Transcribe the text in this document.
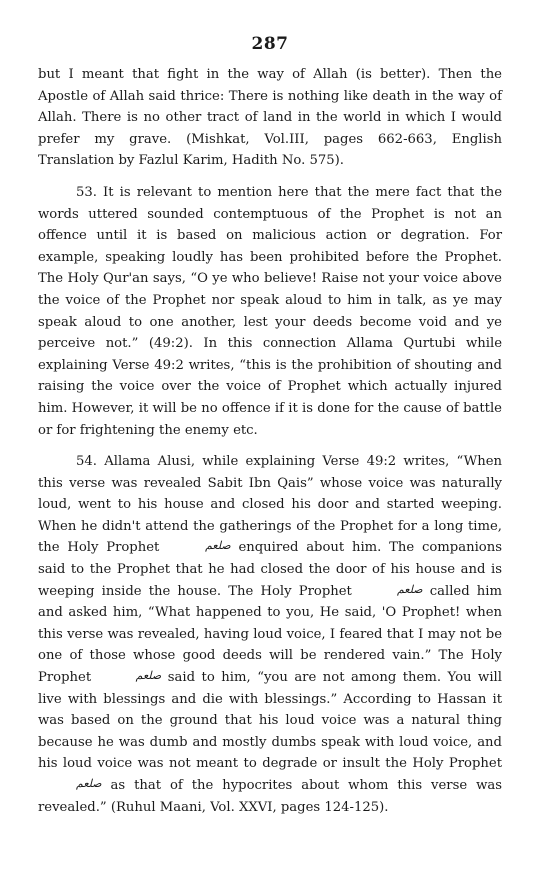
287

but I meant that fight in the way of Allah (is better). Then the Apostle of Allah said thrice: There is nothing like death in the way of Allah. There is no other tract of land in the world in which I would prefer my grave. (Mishkat, Vol.III, pages 662-663, English Translation by Fazlul Karim, Hadith No. 575).

53. It is relevant to mention here that the mere fact that the words uttered sounded contemptuous of the Prophet is not an offence until it is based on malicious action or degration. For example, speaking loudly has been prohibited before the Prophet. The Holy Qur'an says, “O ye who believe! Raise not your voice above the voice of the Prophet nor speak aloud to him in talk, as ye may speak aloud to one another, lest your deeds become void and ye perceive not.” (49:2). In this connection Allama Qurtubi while explaining Verse 49:2 writes, “this is the prohibition of shouting and raising the voice over the voice of Prophet which actually injured him. However, it will be no offence if it is done for the cause of battle or for frightening the enemy etc.

54. Allama Alusi, while explaining Verse 49:2 writes, “When this verse was revealed Sabit Ibn Qais” whose voice was naturally loud, went to his house and closed his door and started weeping. When he didn't attend the gatherings of the Prophet for a long time, the Holy Prophet	صلعم enquired about him. The companions said to the Prophet that he had closed the door of his house and is weeping inside the house. The Holy Prophet	صلعم called him and asked him, “What happened to you, He said, 'O Prophet! when this verse was revealed, having loud voice, I feared that I may not be one of those whose good deeds will be rendered vain.” The Holy Prophet	صلعم said to him, “you are not among them. You will live with blessings and die with blessings.” According to Hassan it was based on the ground that his loud voice was a natural thing because he was dumb and mostly dumbs speak with loud voice, and his loud voice was not meant to degrade or insult the Holy Prophet صلعم as that of the hypocrites about whom this verse was revealed.” (Ruhul Maani, Vol. XXVI, pages 124-125).
